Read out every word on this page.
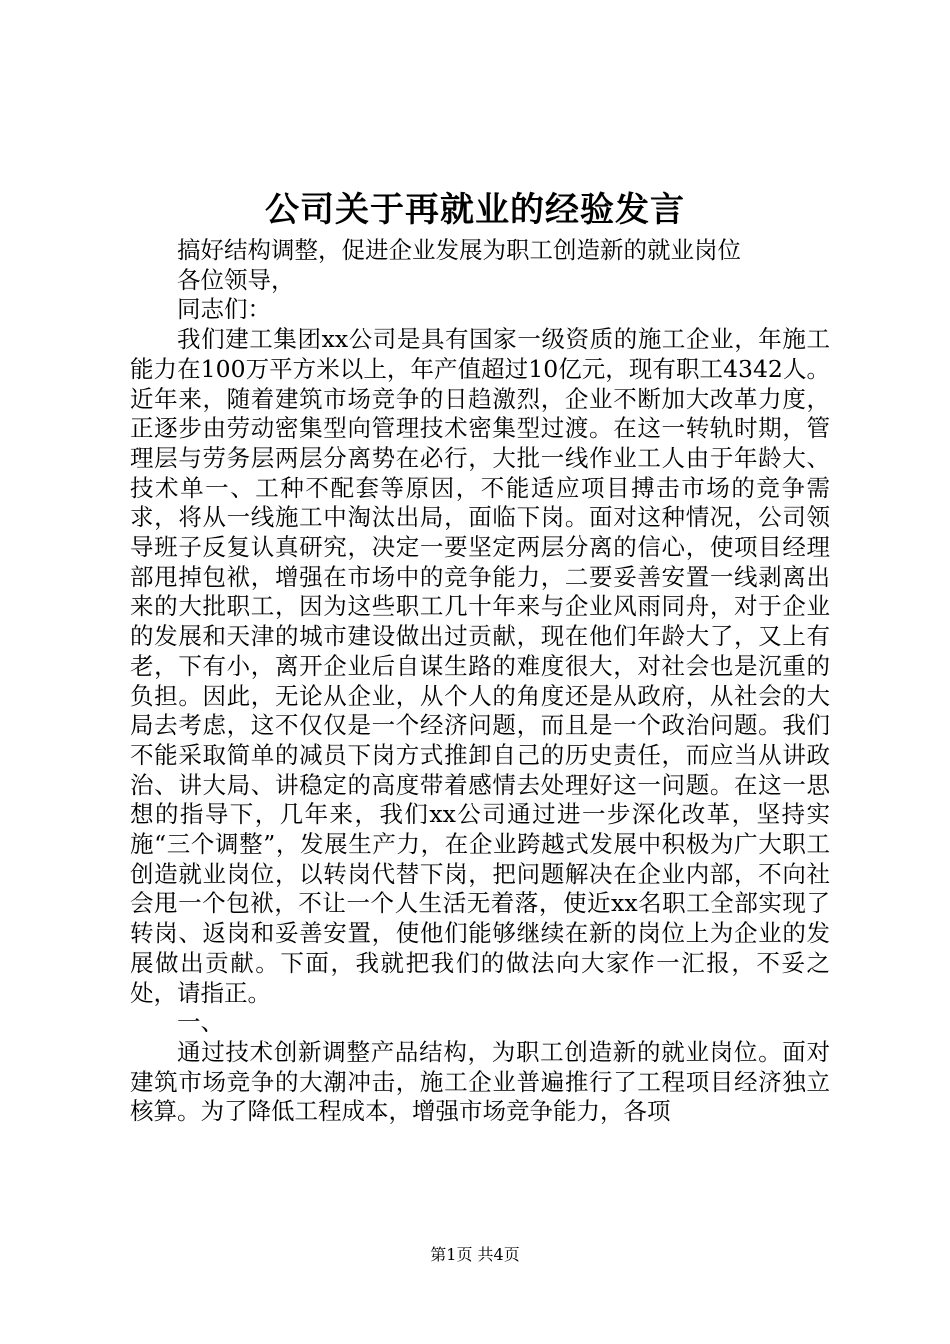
公司关于再就业的经验发言

搞好结构调整，促进企业发展为职工创造新的就业岗位

各位领导，

同志们：

我们建工集团xx公司是具有国家一级资质的施工企业，年施工能力在100万平方米以上，年产值超过10亿元，现有职工4342人。近年来，随着建筑市场竞争的日趋激烈，企业不断加大改革力度，正逐步由劳动密集型向管理技术密集型过渡。在这一转轨时期，管理层与劳务层两层分离势在必行，大批一线作业工人由于年龄大、技术单一、工种不配套等原因，不能适应项目搏击市场的竞争需求，将从一线施工中淘汰出局，面临下岗。面对这种情况，公司领导班子反复认真研究，决定一要坚定两层分离的信心，使项目经理部甩掉包袱，增强在市场中的竞争能力，二要妥善安置一线剥离出来的大批职工，因为这些职工几十年来与企业风雨同舟，对于企业的发展和天津的城市建设做出过贡献，现在他们年龄大了，又上有老，下有小，离开企业后自谋生路的难度很大，对社会也是沉重的负担。因此，无论从企业，从个人的角度还是从政府，从社会的大局去考虑，这不仅仅是一个经济问题，而且是一个政治问题。我们不能采取简单的减员下岗方式推卸自己的历史责任，而应当从讲政治、讲大局、讲稳定的高度带着感情去处理好这一问题。在这一思想的指导下，几年来，我们xx公司通过进一步深化改革，坚持实施“三个调整”，发展生产力，在企业跨越式发展中积极为广大职工创造就业岗位，以转岗代替下岗，把问题解决在企业内部，不向社会甩一个包袱，不让一个人生活无着落，使近xx名职工全部实现了转岗、返岗和妥善安置，使他们能够继续在新的岗位上为企业的发展做出贡献。下面，我就把我们的做法向大家作一汇报，不妥之处，请指正。

一、

通过技术创新调整产品结构，为职工创造新的就业岗位。面对建筑市场竞争的大潮冲击，施工企业普遍推行了工程项目经济独立核算。为了降低工程成本，增强市场竞争能力，各项

第1页 共4页
